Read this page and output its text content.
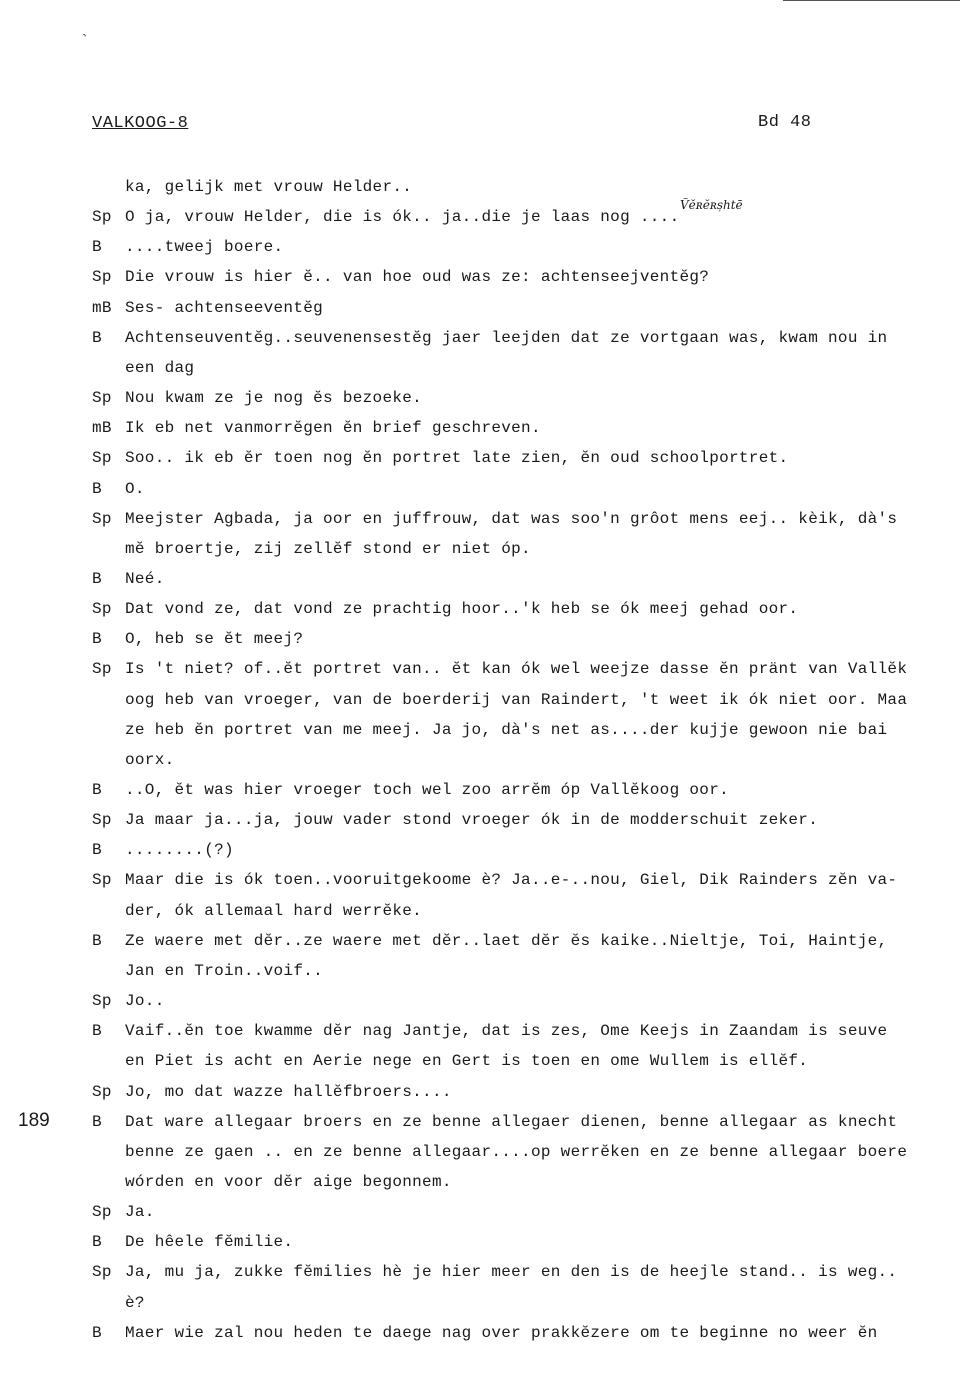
ˎ
VALKOOG-8	Bd 48
189
Ṽĕʀĕʀșhtē
ka, gelijk met vrouw Helder..
Sp O ja, vrouw Helder, die is ók.. ja..die je laas nog ....
B ....tweej boere.
Sp Die vrouw is hier ĕ.. van hoe oud was ze: achtenseejventĕg?
mB Ses- achtenseeventĕg
B Achtenseuventĕg..seuvenensestĕg jaer leejden dat ze vortgaan was, kwam nou in
een dag
Sp Nou kwam ze je nog ĕs bezoeke.
mB Ik eb net vanmorrĕgen ĕn brief geschreven.
Sp Soo.. ik eb ĕr toen nog ĕn portret late zien, ĕn oud schoolportret.
B O.
Sp Meejster Agbada, ja oor en juffrouw, dat was soo'n grôot mens eej.. kèik, dà's
mĕ broertje, zij zellĕf stond er niet óp.
B Neé.
Sp Dat vond ze, dat vond ze prachtig hoor..'k heb se ók meej gehad oor.
B O, heb se ĕt meej?
Sp Is 't niet? of..ĕt portret van.. ĕt kan ók wel weejze dasse ĕn pränt van Vallĕk
oog heb van vroeger, van de boerderij van Raindert, 't weet ik ók niet oor. Maa
ze heb ĕn portret van me meej. Ja jo, dà's net as....der kujje gewoon nie bai
oorx.
B ..O, ĕt was hier vroeger toch wel zoo arrĕm óp Vallĕkoog oor.
Sp Ja maar ja...ja, jouw vader stond vroeger ók in de modderschuit zeker.
B ........(?)
Sp Maar die is ók toen..vooruitgekoome è? Ja..e-..nou, Giel, Dik Rainders zĕn va-
der, ók allemaal hard werrĕke.
B Ze waere met dĕr..ze waere met dĕr..laet dĕr ĕs kaike..Nieltje, Toi, Haintje,
Jan en Troin..voif..
Sp Jo..
B Vaif..ĕn toe kwamme dĕr nag Jantje, dat is zes, Ome Keejs in Zaandam is seuve
en Piet is acht en Aerie nege en Gert is toen en ome Wullem is ellĕf.
Sp Jo, mo dat wazze hallĕfbroers....
B Dat ware allegaar broers en ze benne allegaer dienen, benne allegaar as knecht
benne ze gaen .. en ze benne allegaar....op werrĕken en ze benne allegaar boere
wórden en voor dĕr aige begonnem.
Sp Ja.
B De hêele fĕmilie.
Sp Ja, mu ja, zukke fĕmilies hè je hier meer en den is de heejle stand.. is weg..
è?
B Maer wie zal nou heden te daege nag over prakkĕzere om te beginne no weer ĕn
